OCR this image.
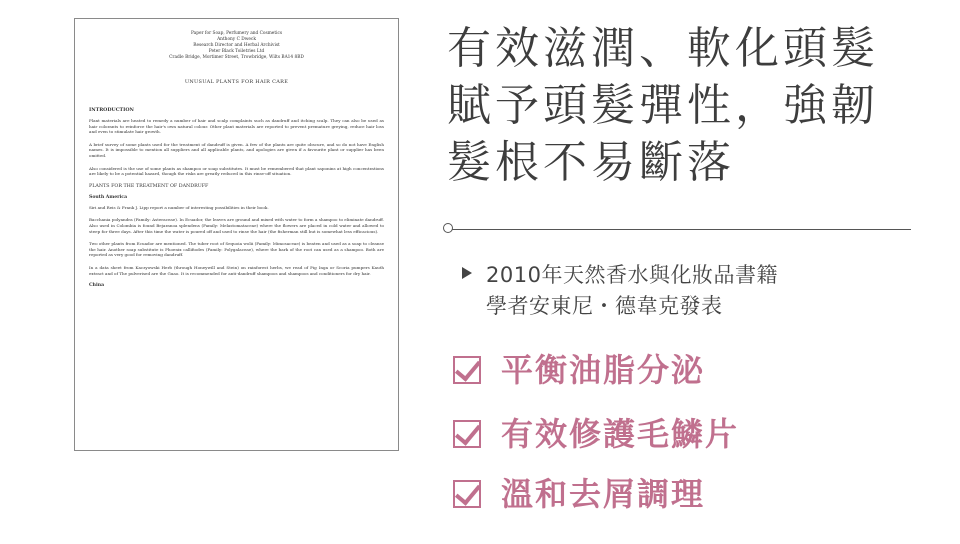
Paper for Soap, Perfumery and Cosmetics
Anthony C Dweck
Research Director and Herbal Archivist
Peter Black Toiletries Ltd
Cradle Bridge, Mortimer Street, Trowbridge, Wilts BA14 8BD
UNUSUAL PLANTS FOR HAIR CARE
INTRODUCTION

Plant materials are heated to remedy a number of hair and scalp complaints such as dandruff and itching scalp. They can also be used as hair colorants to reinforce the hair's own natural colour. Other plant materials are reported to prevent premature greying, reduce hair loss and even to stimulate hair growth.

A brief survey of some plants used for the treatment of dandruff is given. A few of the plants are quite obscure, and so do not have English names. It is impossible to mention all suppliers and all applicable plants, and apologies are given if a favourite plant or supplier has been omitted.

Also considered is the use of some plants as shampoo or soap substitutes. It must be remembered that plant saponins at high concentrations are likely to be a potential hazard, though the risks are greatly reduced in this rinse-off situation.

PLANTS FOR THE TREATMENT OF DANDRUFF
South America

Siri and Reis & Frank J. Lipp report a number of interesting possibilities in their book.

Bacchania polyandra (Family: Asteraceae). In Ecuador, the leaves are ground and mixed with water to form a shampoo to eliminate dandruff. Also used in Colombia is found Bejaranoa splendens (Family: Melastomataceae) where the flowers are placed in cold water and allowed to steep for three days. After this time the water is poured off and used to rinse the hair (the fisherman still but is somewhat less efficacious).

Two other plants from Ecuador are mentioned. The tuber root of Sequoia wolii (Family: Mimosaceae) is beaten and used as a soap to cleanse the hair. Another soap substitute is Phoenix callifiodes (Family: Polygalaceae), where the bark of the root can used as a shampoo. Both are reported as very good for removing dandruff.

In a data sheet from Kaczyowski Herb (through Honeywill and Stein) on rainforest herbs, we read of Pig Inga or Scoria pumpers Kauth extract and of The pulverised are the Guao. It is recommended for anti-dandruff shampoos and shampoos and conditioners for dry hair.

China
有效滋潤、軟化頭髮
賦予頭髮彈性，強韌
髮根不易斷落
2010年天然香水與化妝品書籍
學者安東尼・德韋克發表
平衡油脂分泌
有效修護毛鱗片
溫和去屑調理
